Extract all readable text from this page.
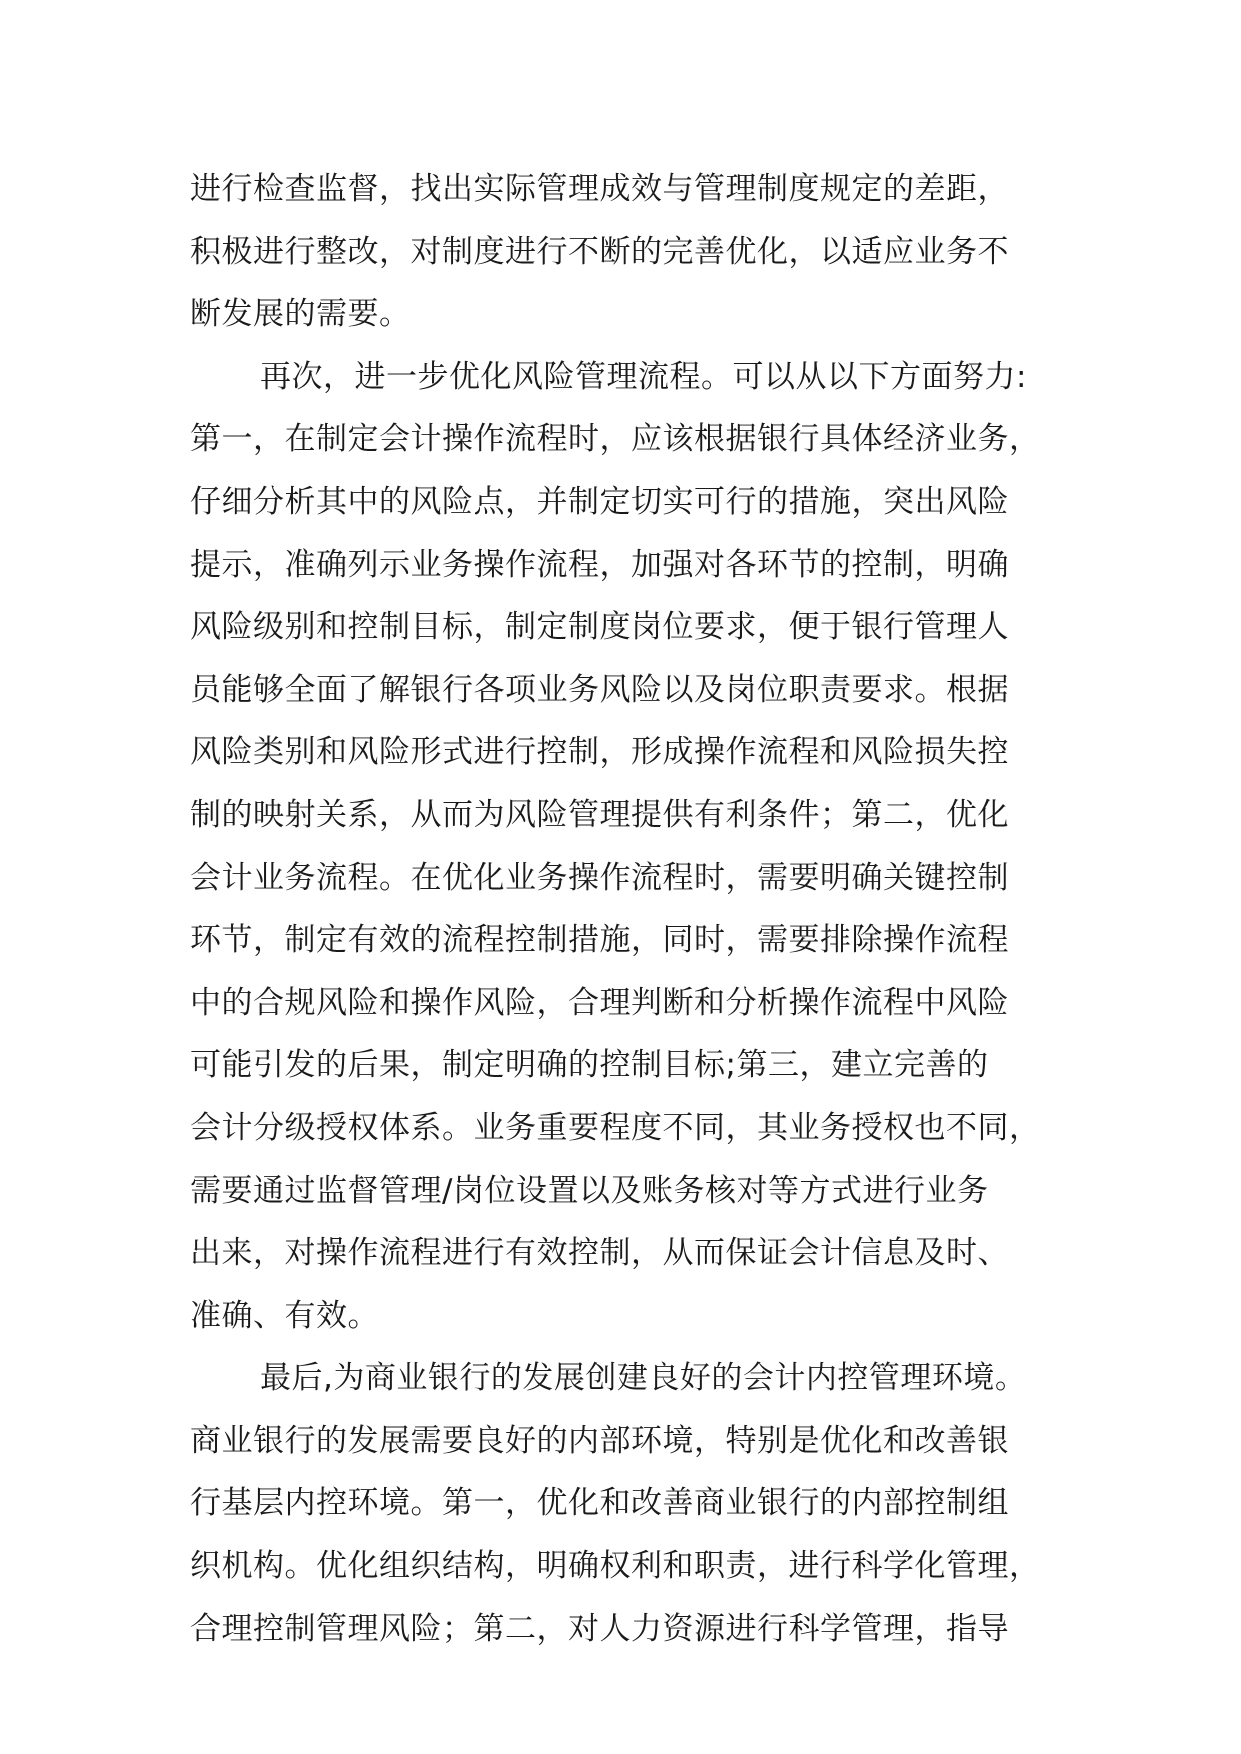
进行检查监督，找出实际管理成效与管理制度规定的差距，
积极进行整改，对制度进行不断的完善优化，以适应业务不
断发展的需要。
再次，进一步优化风险管理流程。可以从以下方面努力:
第一，在制定会计操作流程时，应该根据银行具体经济业务，
仔细分析其中的风险点，并制定切实可行的措施，突出风险
提示，准确列示业务操作流程，加强对各环节的控制，明确
风险级别和控制目标，制定制度岗位要求，便于银行管理人
员能够全面了解银行各项业务风险以及岗位职责要求。根据
风险类别和风险形式进行控制，形成操作流程和风险损失控
制的映射关系，从而为风险管理提供有利条件；第二，优化
会计业务流程。在优化业务操作流程时，需要明确关键控制
环节，制定有效的流程控制措施，同时，需要排除操作流程
中的合规风险和操作风险，合理判断和分析操作流程中风险
可能引发的后果，制定明确的控制目标;第三，建立完善的
会计分级授权体系。业务重要程度不同，其业务授权也不同，
需要通过监督管理/岗位设置以及账务核对等方式进行业务
出来，对操作流程进行有效控制，从而保证会计信息及时、
准确、有效。
最后,为商业银行的发展创建良好的会计内控管理环境。
商业银行的发展需要良好的内部环境，特别是优化和改善银
行基层内控环境。第一，优化和改善商业银行的内部控制组
织机构。优化组织结构，明确权利和职责，进行科学化管理，
合理控制管理风险；第二，对人力资源进行科学管理，指导
